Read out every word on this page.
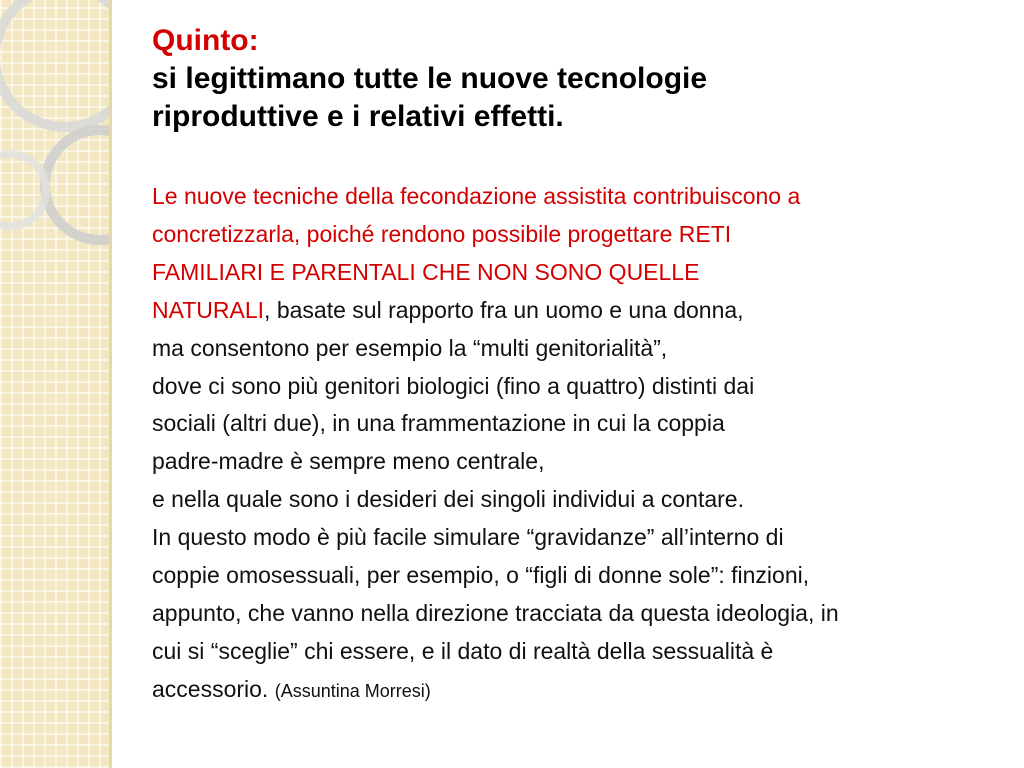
Quinto:
si legittimano tutte le nuove tecnologie
riproduttive e i relativi effetti.
Le nuove tecniche della fecondazione assistita contribuiscono a
concretizzarla, poiché rendono possibile progettare RETI
FAMILIARI E PARENTALI CHE NON SONO QUELLE
NATURALI, basate sul rapporto fra un uomo e una donna,
ma consentono per esempio la “multi genitorialità”,
dove ci sono più genitori biologici (fino a quattro) distinti dai
sociali (altri due), in una frammentazione in cui la coppia
padre-madre è sempre meno centrale,
e nella quale sono i desideri dei singoli individui a contare.
In questo modo è più facile simulare “gravidanze” all’interno di
coppie omosessuali, per esempio, o “figli di donne sole”: finzioni,
appunto, che vanno nella direzione tracciata da questa ideologia, in
cui si “sceglie” chi essere, e il dato di realtà della sessualità è
accessorio. (Assuntina Morresi)
